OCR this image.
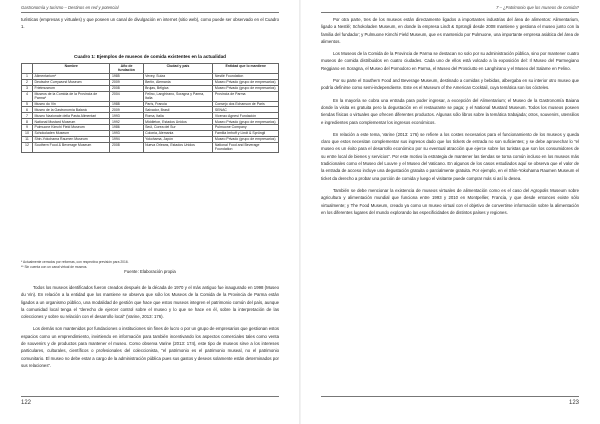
Gastronomía y turismo – Destinos en red y potencial

turísticas (empresas y virtuales) y que poseen un canal de divulgación en internet (sitio web), como puede ser observado en el Cuadro 1.

Cuadro 1: Ejemplos de museos de comida existentes en la actualidad
	Nombre	Año de fundación	Ciudad y país	Entidad que lo mantiene
1	Alimentarium*	1985	Vevey, Suiza	Nestlé Foundation
2	Deutsche Currywurst Museum	2009	Berlín, Alemania	Museo Privado (grupo de empresarios)
3	Frietmuseum	2008	Brujas, Bélgica	Museo Privado (grupo de empresarios)
4	Museos de la Comida de la Provincia de Parma*	2004	Felino, Langhirano, Soragna y Parma, Italia	Provincia de Parma
5	Museo do Vin	1988	París, Francia	Consejo dos Echanson de Paris
6	Museo de la Gastronomía Balaná	2009	Salvador, Brasil	SENAC
7	Museo Nazionale della Pasta Alimentari	1993	Roma, Italia	Vicenzo Agnesi Fundación
8	National Mustard Museum	1992	Middleton, Estados Unidos	Museo Privado (grupo de empresarios)
9	Pulmuone Kimchi Field Museum	1986	Seúl, Corea del Sur	Pulmuone Company
10	Schokoladen Museum	1993	Colonia, Alemania	Familia Imhoff y Lindt & Sprüngli
11	Shin-Yokohama Raumen Museum	1994	Yokohama, Japón	Museo Privado (grupo de empresarios)
12	Southern Food & Beverage Museum	2008	Nueva Orleans, Estados Unidos	National Food and Beverage Foundation
* Actualmente cerrados por reformas, con respectiva previsión para 2016.
** Sin cuenta con un canal virtual de museos.
Fuente: Elaboración propia

Todos los museos identificados fueron creados después de la década de 1970 y el más antiguo fue inaugurado en 1998 (Museo du Vin). En relación a la entidad que los mantiene se observa que sólo los Museos de la Comida de la Provincia de Parma están ligados a un organismo público, una modalidad de gestión que hace que estos museos integren el patrimonio común del país, aunque la comunidad local tenga el “derecho de ejercer control sobre el museo y lo que se hace en él, sobre la interpretación de las colecciones y sobre su relación con el desarrollo local” (Varine, 2013: 176).

Los demás son mantenidos por fundaciones o instituciones sin fines de lucro o por un grupo de empresarios que gestionan estos espacios como un emprendimiento, invirtiendo en información para también incentivando los aspectos comerciales tales como venta de souvenirs y de productos para mantener el museo. Como observa Varine (2013: 174), este tipo de museos sirve a los intereses particulares, culturales, científicos o profesionales del coleccionista, “el patrimonio es el patrimonio museal, no el patrimonio comunitario. El museo no debe estar a cargo de la administración pública pues sus gastos y deseos solamente están determinados por sus relaciones”.

122
7 – ¿Patrimonio que los museos de comida?

Por otra parte, tres de los museos están directamente ligados a importantes industrias del área de alimentos: Alimentarium, ligado a Nestlé; Schokoladen Museum, en donde la empresa Lindt & Sprüngli desde 2008 mantiene y gestiona el museo junto con la familia del fundador; y Pulmuone Kimchi Field Museum, que es mantenido por Pulmuone, una importante empresa asiática del área de alimentos.

Los Museos de la Comida de la Provincia de Parma se destacan no solo por su administración pública, sino por mantener cuatro museos de comida distribuidos en cuatro ciudades. Cada uno de ellos está volcado a la exposición del: Il Museo del Parmegiano Reggiano en Soragna, el Museo del Pomodoro en Parma, el Museo del Prosciutto en Langhirano y el Museo del Salame en Felino.

Por su parte el Southern Food and Beverage Museum, destinado a comidas y bebidas, albergaba en su interior otro museo que podría definirse como semi-independiente. Este es el Museum of the American Cocktail, cuya temática son los cócteles.

En la mayoría se cobra una entrada para poder ingresar, a excepción del Alimentarium; el Museo de la Gastronomía Baiana donde la visita es gratuita pero la degustación en el restaurante se paga; y el National Mustard Museum. Todos los museos poseen tiendas físicas o virtuales que ofrecen diferentes productos. Algunas sólo libros sobre la temática trabajada; otros, souvenirs, utensilios e ingredientes para complementar los ingresos económicos.

En relación a este tema, Varine (2013: 176) se refiere a los costes necesarios para el funcionamiento de los museos y queda claro que estos necesitan complementar sus ingresos dado que los tickets de entrada no son suficientes; y se debe aprovechar lo “el museo es un éxito para el desarrollo económico por su eventual atracción que ejerce sobre los turistas que son los consumidores de su entre local de bienes y servicios”. Por este motivo la estrategia de mantener las tiendas se torna común incluso en los museos más tradicionales como el Museo del Louvre y el Museo del Vaticano. En algunos de los casos estudiados aquí se observa que el valor de la entrada de acceso incluye una degustación gratuita o parcialmente gratuita. Por ejemplo, en el Shin-Yokohama Raumen Museum el ticket da derecho a probar una porción de comida y luego el visitante puede comprar más si así lo desea.

También se debe mencionar la existencia de museos virtuales de alimentación como es el caso del Agropolis Museum sobre agricultura y alimentación mundial que funciona entre 1993 y 2010 en Montpellier, Francia, y que desde entonces existe sólo virtualmente; y The Food Museum, creado ya como un museo virtual con el objetivo de convertirse información sobre la alimentación en los diferentes lugares del mundo explorando las especificidades de distintos países y regiones.

123
